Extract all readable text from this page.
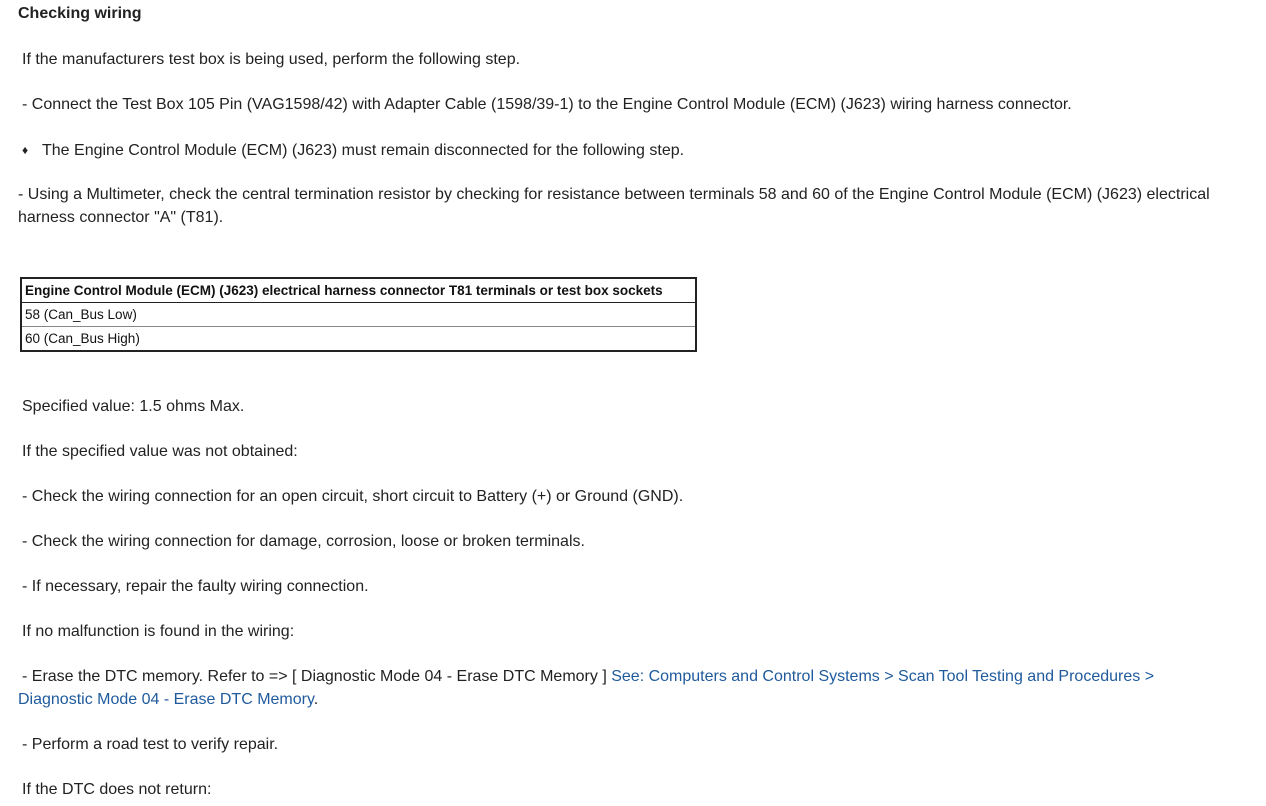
Checking wiring
If the manufacturers test box is being used, perform the following step.
- Connect the Test Box 105 Pin (VAG1598/42) with Adapter Cable (1598/39-1) to the Engine Control Module (ECM) (J623) wiring harness connector.
♦ The Engine Control Module (ECM) (J623) must remain disconnected for the following step.
- Using a Multimeter, check the central termination resistor by checking for resistance between terminals 58 and 60 of the Engine Control Module (ECM) (J623) electrical harness connector "A" (T81).
Engine Control Module (ECM) (J623) electrical harness connector T81 terminals or test box sockets
58 (Can_Bus Low)
60 (Can_Bus High)
Specified value: 1.5 ohms Max.
If the specified value was not obtained:
- Check the wiring connection for an open circuit, short circuit to Battery (+) or Ground (GND).
- Check the wiring connection for damage, corrosion, loose or broken terminals.
- If necessary, repair the faulty wiring connection.
If no malfunction is found in the wiring:
- Erase the DTC memory. Refer to => [ Diagnostic Mode 04 - Erase DTC Memory ] See: Computers and Control Systems > Scan Tool Testing and Procedures > Diagnostic Mode 04 - Erase DTC Memory.
- Perform a road test to verify repair.
If the DTC does not return:
